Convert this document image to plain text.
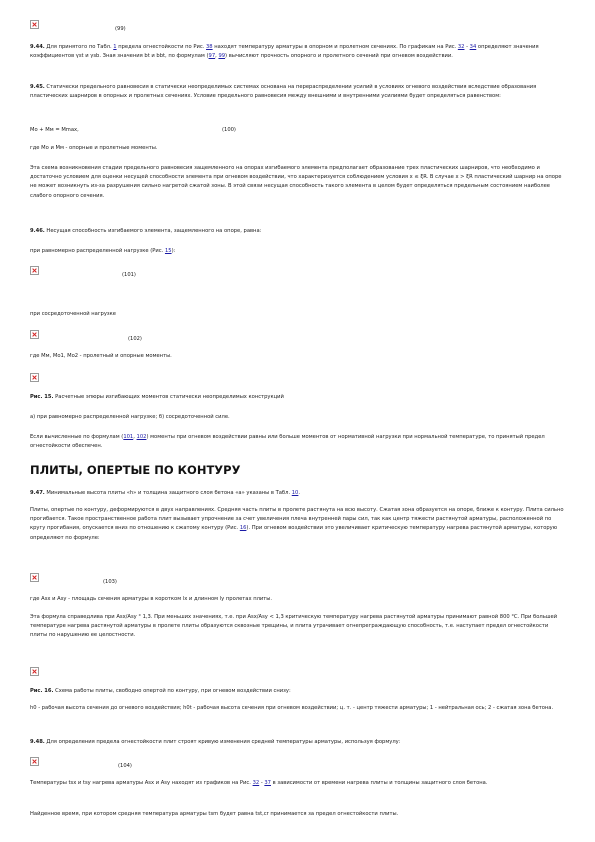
(99)
9.44. Для принятого по Табл. 1 предела огнестойкости по Рис. 38 находят температуру арматуры в опорном и пролетном сечениях. По графикам на Рис. 32 - 34 определяют значения коэффициентов γst и γsb. Зная значения bt и bbt, по формулам (97, 99) вычисляют прочность опорного и пролетного сечений при огневом воздействии.
9.45. Статически предельного равновесия в статически неопределимых системах основана на перераспределении усилий в условиях огневого воздействия вследствие образования пластических шарниров в опорных и пролетных сечениях. Условие предельного равновесия между внешними и внутренними усилиями будет определяться равенством:
Mo + Mм = Mmax,	(100)
где Mo и Mм - опорные и пролетные моменты.
Эта схема возникновения стадии предельного равновесия защемленного на опорах изгибаемого элемента предполагает образование трех пластических шарниров, что необходимо и достаточно условием для оценки несущей способности элемента при огневом воздействии, что характеризуется соблюдением условия x ≤ ξR. В случае x > ξR пластический шарнир на опоре не может возникнуть из-за разрушения сильно нагретой сжатой зоны. В этой связи несущая способность такого элемента в целом будет определяться предельным состоянием наиболее слабого опорного сечения.
9.46. Несущая способность изгибаемого элемента, защемленного на опоре, равна:
при равномерно распределенной нагрузке (Рис. 15):
(101)
при сосредоточенной нагрузке
(102)
где Mм, Mo1, Mo2 - пролетный и опорные моменты.
Рис. 15. Расчетные эпюры изгибающих моментов статически неопределимых конструкций
а) при равномерно распределенной нагрузке; б) сосредоточенной силе.
Если вычисленные по формулам (101, 102) моменты при огневом воздействии равны или больше моментов от нормативной нагрузки при нормальной температуре, то принятый предел огнестойкости обеспечен.
ПЛИТЫ, ОПЕРТЫЕ ПО КОНТУРУ
9.47. Минимальные высота плиты «h» и толщина защитного слоя бетона «a» указаны в Табл. 10.
Плиты, опертые по контуру, деформируются в двух направлениях. Средняя часть плиты в пролете растянута на всю высоту. Сжатая зона образуется на опоре, ближе к контуру. Плита сильно прогибается. Такое пространственное работа плит вызывает упрочнение за счет увеличения плеча внутренней пары сил, так как центр тяжести растянутой арматуры, расположенной по кругу прогибания, опускается вниз по отношению к сжатому контуру (Рис. 16). При огневом воздействии это увеличивает критическую температуру нагрева растянутой арматуры, которую определяют по формуле:
(103)
где Asx и Asy - площадь сечения арматуры в коротком lx и длинном ly пролетах плиты.
Эта формула справедлива при Asx/Asy ° 1,3. При меньших значениях, т.е. при Asx/Asy < 1,3 критическую температуру нагрева растянутой арматуры принимают равной 800 °С. При большей температуре нагрева растянутой арматуры в пролете плиты образуются сквозные трещины, и плита утрачивает огнепреграждающую способность, т.е. наступает предел огнестойкости плиты по нарушению ее целостности.
Рис. 16. Схема работы плиты, свободно опертой по контуру, при огневом воздействии снизу:
h0 - рабочая высота сечения до огневого воздействия; h0t - рабочая высота сечения при огневом воздействии; ц. т. - центр тяжести арматуры; 1 - нейтральная ось; 2 - сжатая зона бетона.
9.48. Для определения предела огнестойкости плит строят кривую изменения средней температуры арматуры, используя формулу:
(104)
Температуры tsx и tsy нагрева арматуры Asx и Asy находят из графиков на Рис. 32 - 37 в зависимости от времени нагрева плиты и толщины защитного слоя бетона.
Найденное время, при котором средняя температура арматуры tsm будет равна tst,cr принимается за предел огнестойкости плиты.
